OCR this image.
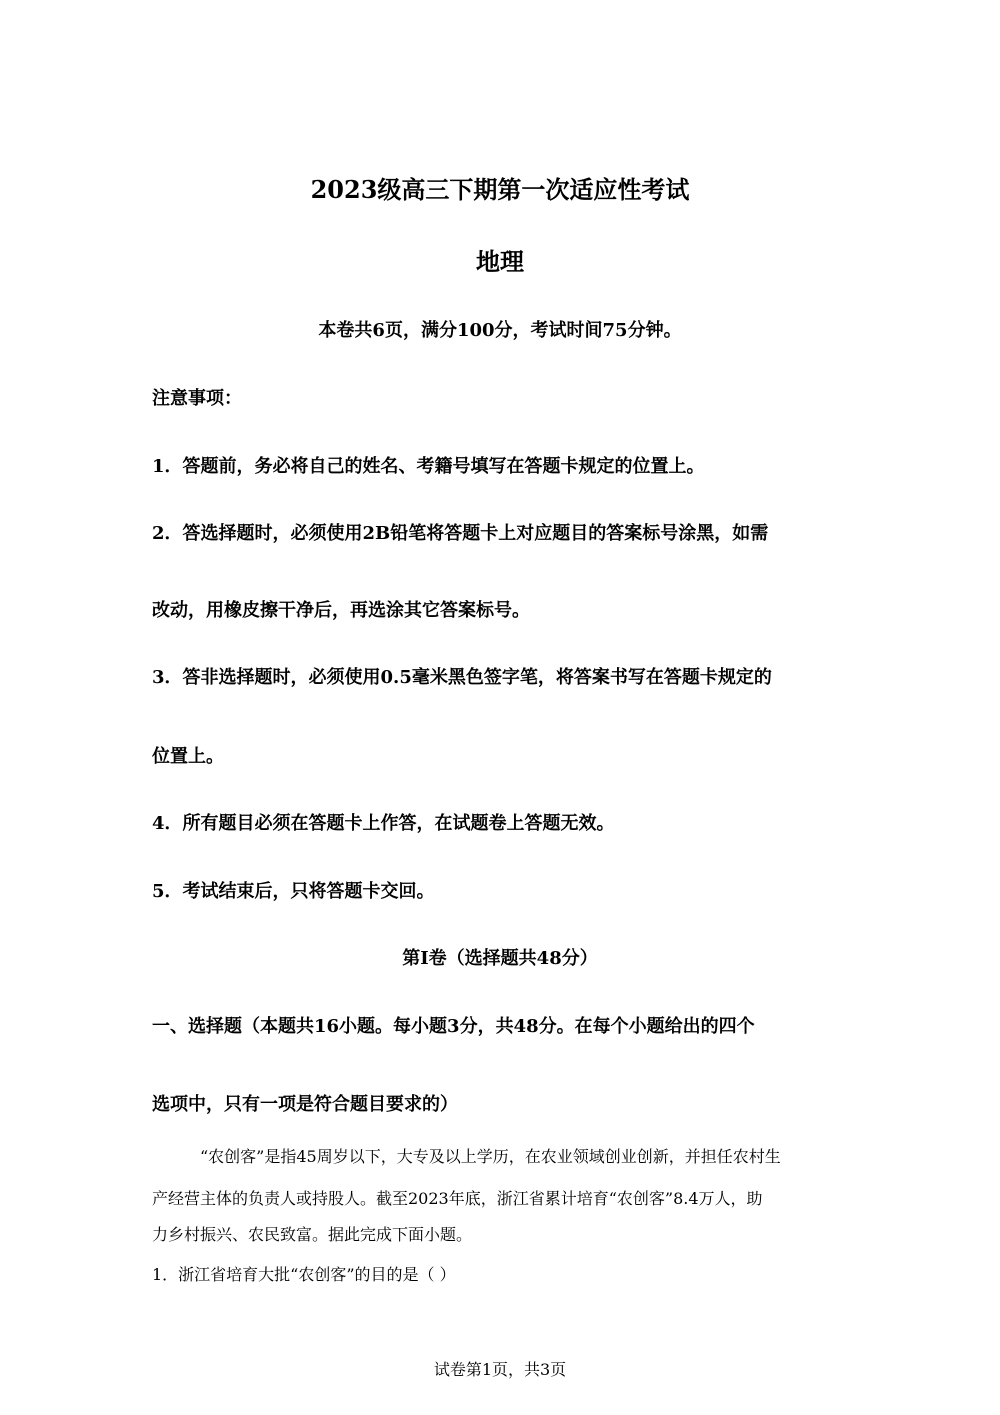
2023级高三下期第一次适应性考试
地理
本卷共6页，满分100分，考试时间75分钟。
注意事项：
1．答题前，务必将自己的姓名、考籍号填写在答题卡规定的位置上。
2．答选择题时，必须使用2B铅笔将答题卡上对应题目的答案标号涂黑，如需
改动，用橡皮擦干净后，再选涂其它答案标号。
3．答非选择题时，必须使用0.5毫米黑色签字笔，将答案书写在答题卡规定的
位置上。
4．所有题目必须在答题卡上作答，在试题卷上答题无效。
5．考试结束后，只将答题卡交回。
第Ⅰ卷（选择题共48分）
一、选择题（本题共16小题。每小题3分，共48分。在每个小题给出的四个
选项中，只有一项是符合题目要求的）
“农创客”是指45周岁以下，大专及以上学历，在农业领域创业创新，并担任农村生
产经营主体的负责人或持股人。截至2023年底，浙江省累计培育“农创客”8.4万人，助
力乡村振兴、农民致富。据此完成下面小题。
1．浙江省培育大批“农创客”的目的是（ ）
试卷第1页，共3页
